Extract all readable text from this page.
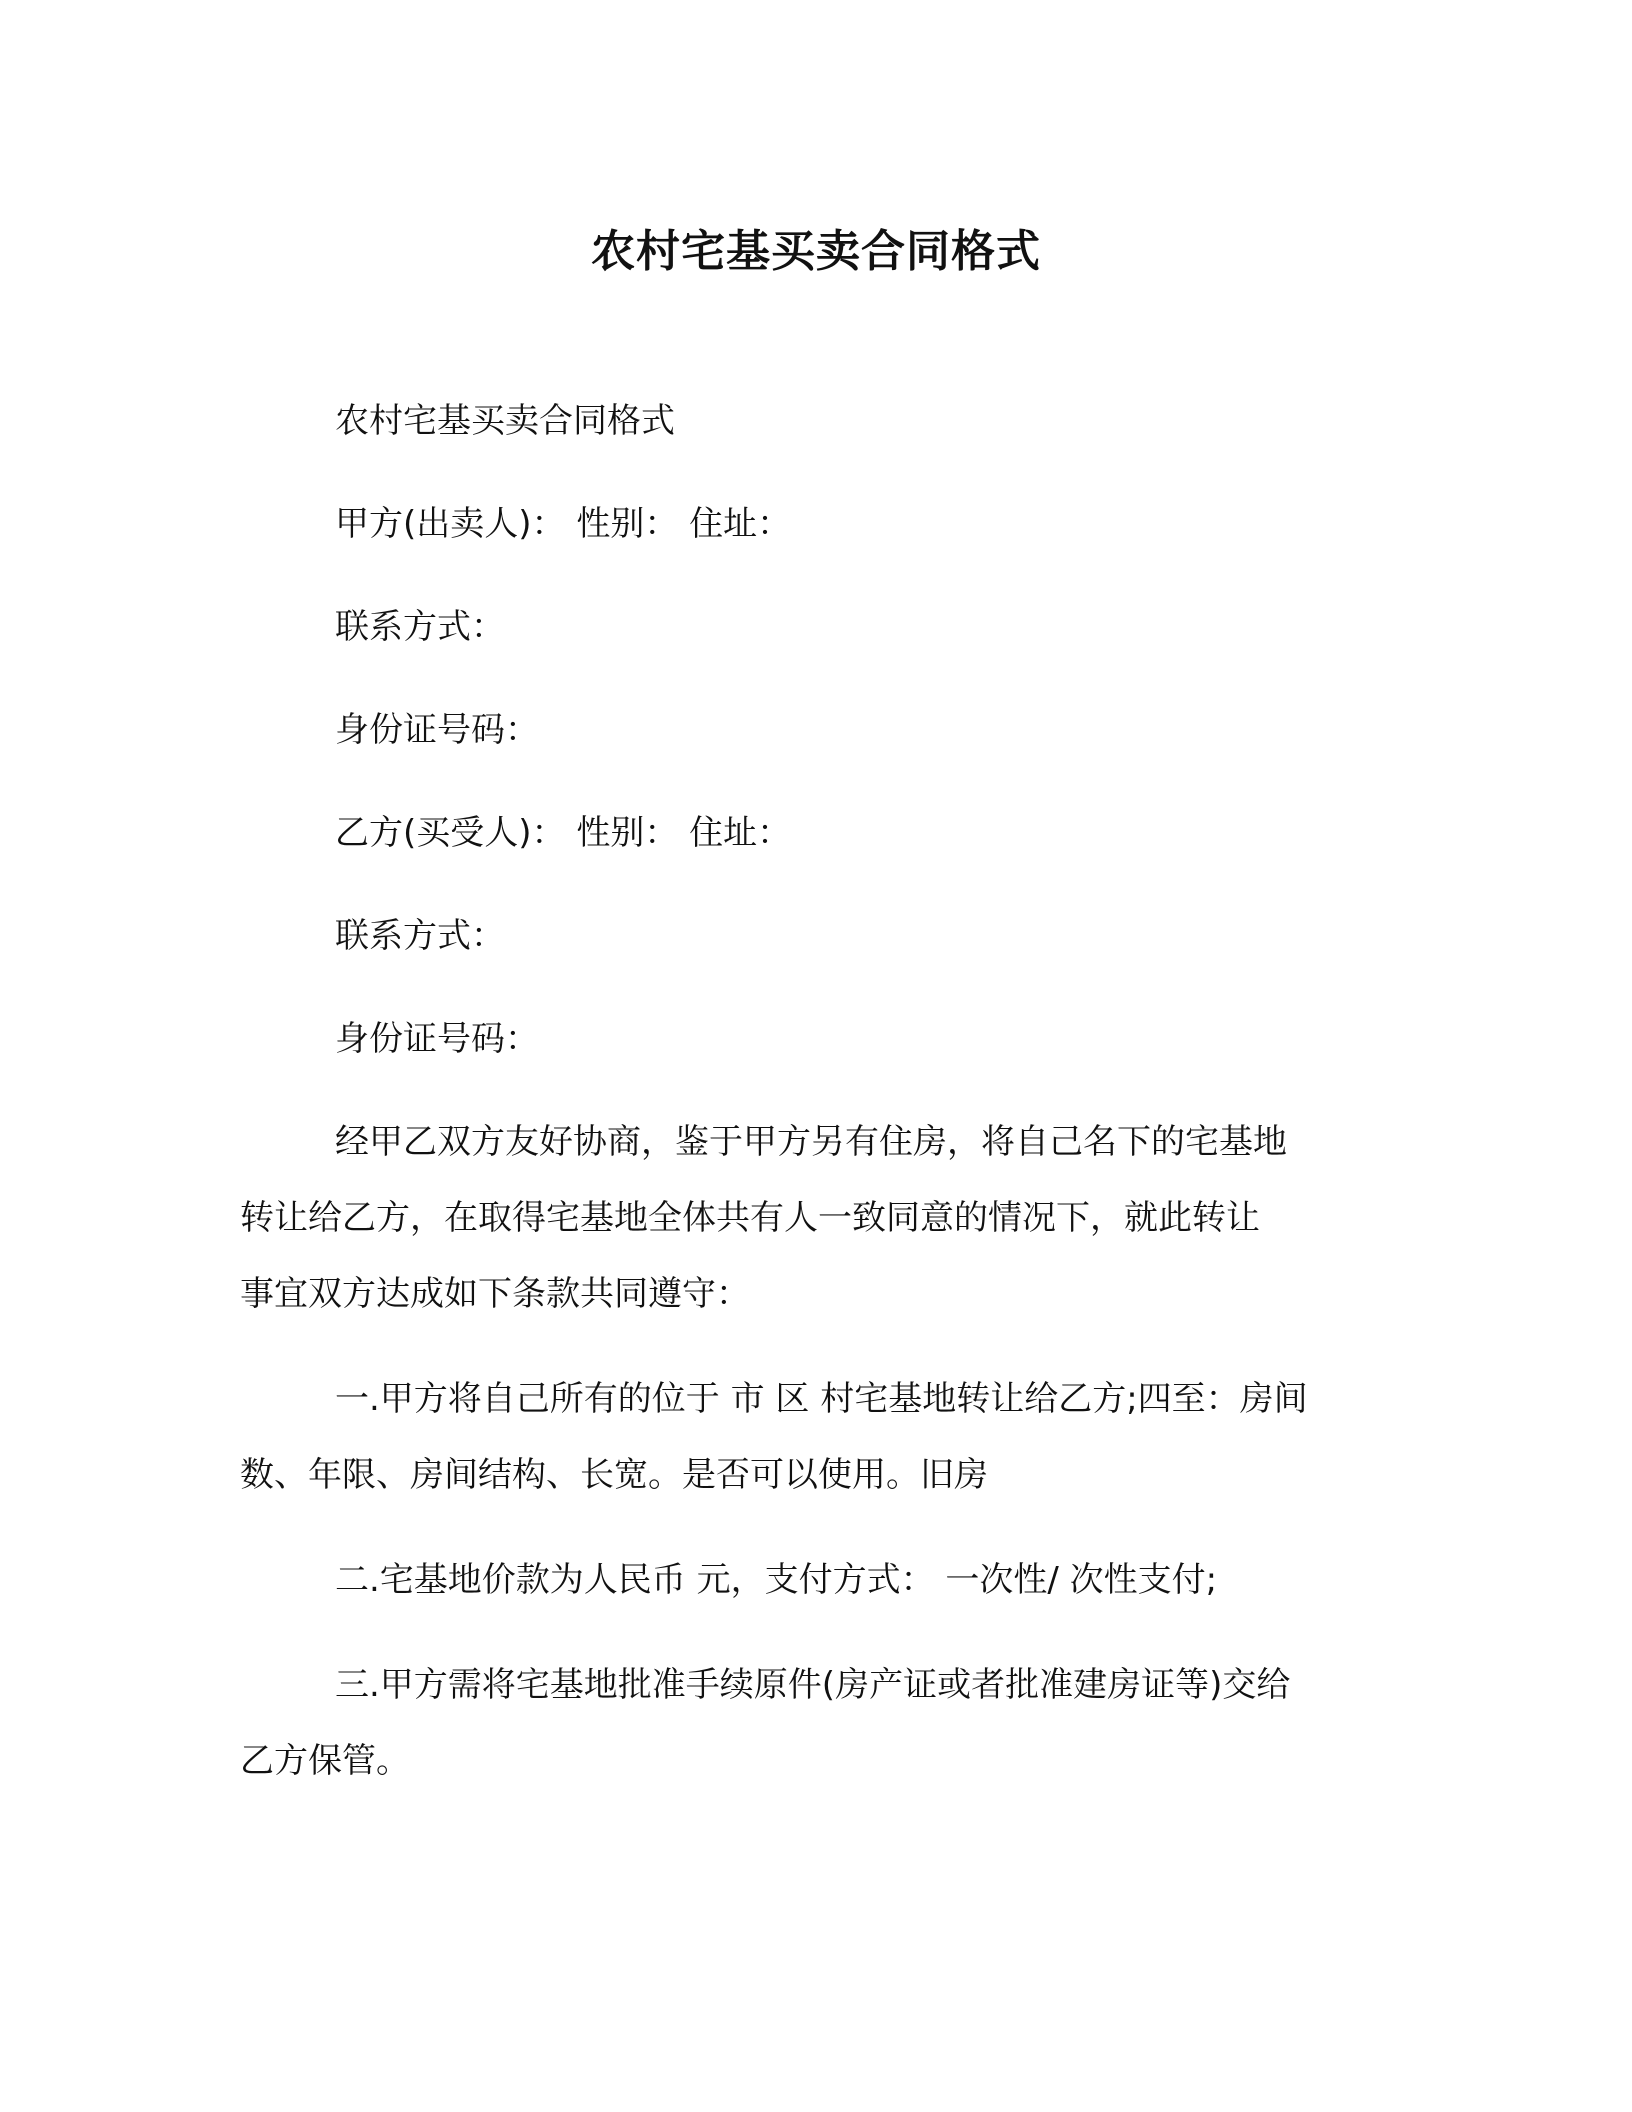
农村宅基买卖合同格式
农村宅基买卖合同格式
甲方(出卖人)： 性别： 住址：
联系方式：
身份证号码：
乙方(买受人)： 性别： 住址：
联系方式：
身份证号码：
经甲乙双方友好协商，鉴于甲方另有住房，将自己名下的宅基地
转让给乙方，在取得宅基地全体共有人一致同意的情况下，就此转让
事宜双方达成如下条款共同遵守：
一.甲方将自己所有的位于 市 区 村宅基地转让给乙方;四至：房间
数、年限、房间结构、长宽。是否可以使用。旧房
二.宅基地价款为人民币 元，支付方式： 一次性/ 次性支付;
三.甲方需将宅基地批准手续原件(房产证或者批准建房证等)交给
乙方保管。
